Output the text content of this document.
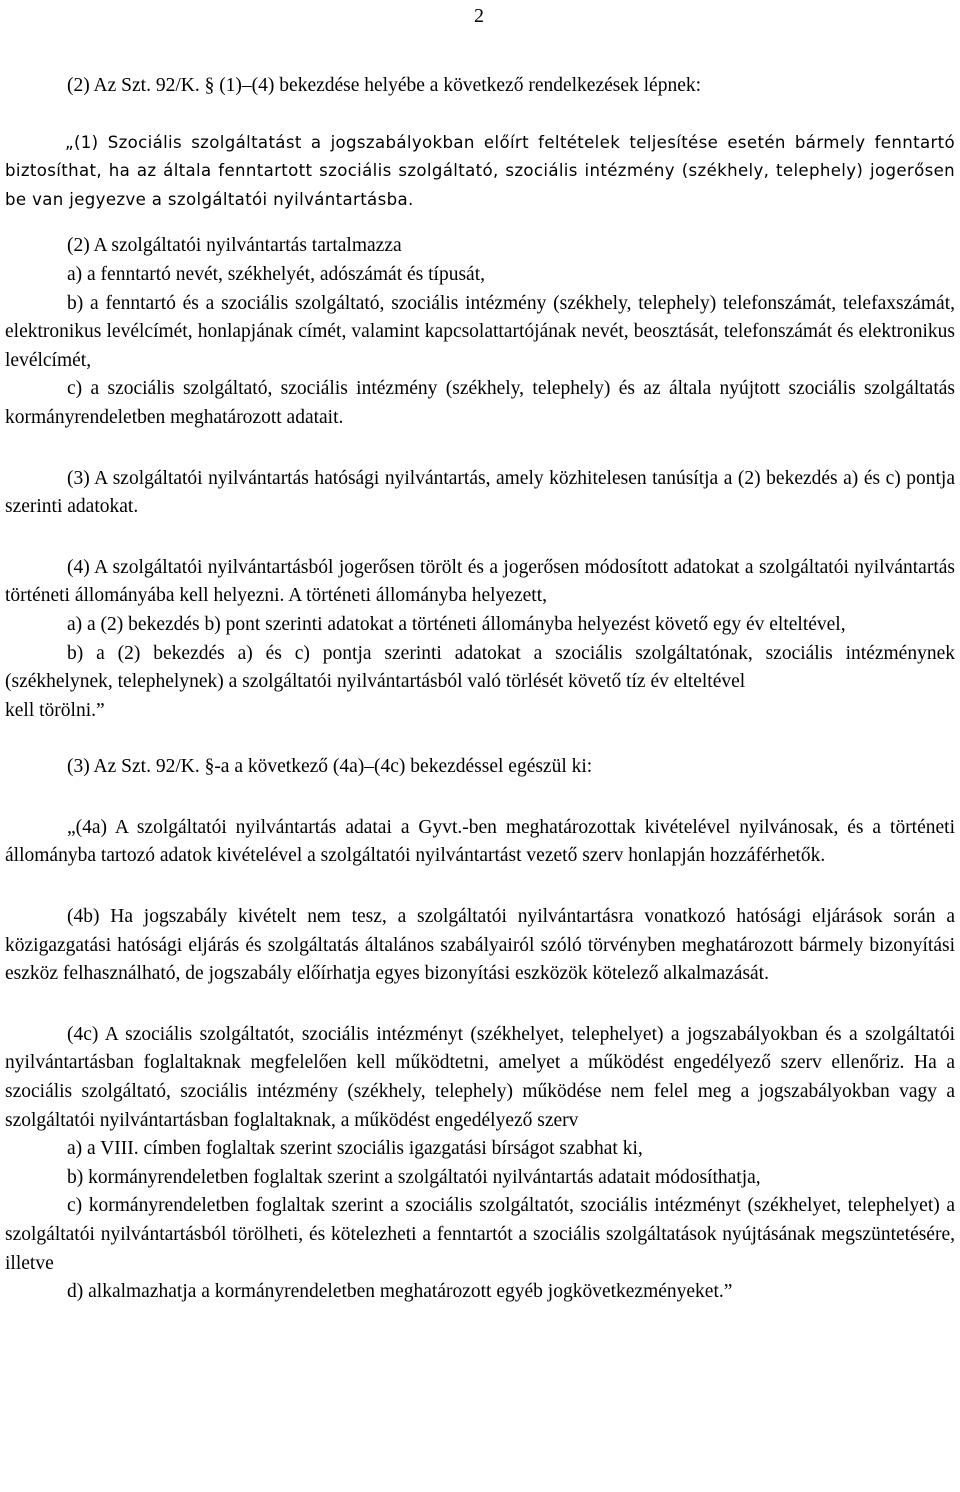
2

(2) Az Szt. 92/K. § (1)–(4) bekezdése helyébe a következő rendelkezések lépnek:

„(1) Szociális szolgáltatást a jogszabályokban előírt feltételek teljesítése esetén bármely fenntartó biztosíthat, ha az általa fenntartott szociális szolgáltató, szociális intézmény (székhely, telephely) jogerősen be van jegyezve a szolgáltatói nyilvántartásba.

(2) A szolgáltatói nyilvántartás tartalmazza

a) a fenntartó nevét, székhelyét, adószámát és típusát,

b) a fenntartó és a szociális szolgáltató, szociális intézmény (székhely, telephely) telefonszámát, telefaxszámát, elektronikus levélcímét, honlapjának címét, valamint kapcsolattartójának nevét, beosztását, telefonszámát és elektronikus levélcímét,

c) a szociális szolgáltató, szociális intézmény (székhely, telephely) és az általa nyújtott szociális szolgáltatás kormányrendeletben meghatározott adatait.

(3) A szolgáltatói nyilvántartás hatósági nyilvántartás, amely közhitelesen tanúsítja a (2) bekezdés a) és c) pontja szerinti adatokat.

(4) A szolgáltatói nyilvántartásból jogerősen törölt és a jogerősen módosított adatokat a szolgáltatói nyilvántartás történeti állományába kell helyezni. A történeti állományba helyezett,

a) a (2) bekezdés b) pont szerinti adatokat a történeti állományba helyezést követő egy év elteltével,

b) a (2) bekezdés a) és c) pontja szerinti adatokat a szociális szolgáltatónak, szociális intézménynek (székhelynek, telephelynek) a szolgáltatói nyilvántartásból való törlését követő tíz év elteltével

kell törölni.”

(3) Az Szt. 92/K. §-a a következő (4a)–(4c) bekezdéssel egészül ki:

„(4a) A szolgáltatói nyilvántartás adatai a Gyvt.-ben meghatározottak kivételével nyilvánosak, és a történeti állományba tartozó adatok kivételével a szolgáltatói nyilvántartást vezető szerv honlapján hozzáférhetők.

(4b) Ha jogszabály kivételt nem tesz, a szolgáltatói nyilvántartásra vonatkozó hatósági eljárások során a közigazgatási hatósági eljárás és szolgáltatás általános szabályairól szóló törvényben meghatározott bármely bizonyítási eszköz felhasználható, de jogszabály előírhatja egyes bizonyítási eszközök kötelező alkalmazását.

(4c) A szociális szolgáltatót, szociális intézményt (székhelyet, telephelyet) a jogszabályokban és a szolgáltatói nyilvántartásban foglaltaknak megfelelően kell működtetni, amelyet a működést engedélyező szerv ellenőriz. Ha a szociális szolgáltató, szociális intézmény (székhely, telephely) működése nem felel meg a jogszabályokban vagy a szolgáltatói nyilvántartásban foglaltaknak, a működést engedélyező szerv

a) a VIII. címben foglaltak szerint szociális igazgatási bírságot szabhat ki,

b) kormányrendeletben foglaltak szerint a szolgáltatói nyilvántartás adatait módosíthatja,

c) kormányrendeletben foglaltak szerint a szociális szolgáltatót, szociális intézményt (székhelyet, telephelyet) a szolgáltatói nyilvántartásból törölheti, és kötelezheti a fenntartót a szociális szolgáltatások nyújtásának megszüntetésére, illetve

d) alkalmazhatja a kormányrendeletben meghatározott egyéb jogkövetkezményeket.”
